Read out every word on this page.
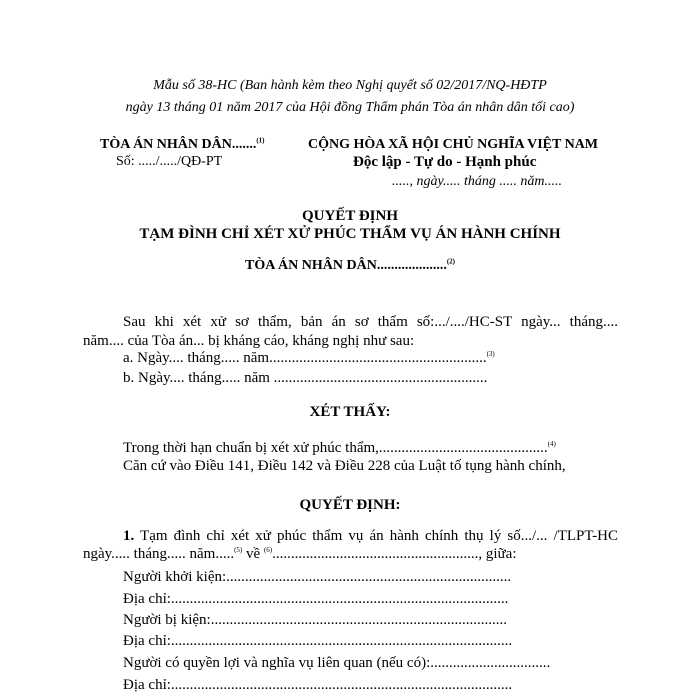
Mẫu số 38-HC (Ban hành kèm theo Nghị quyết số 02/2017/NQ-HĐTP
ngày 13 tháng 01 năm 2017 của Hội đồng Thẩm phán Tòa án nhân dân tối cao)
TÒA ÁN NHÂN DÂN.......$^{(1)}$
Số: ...../...../QĐ-PT
CỘNG HÒA XÃ HỘI CHỦ NGHĨA VIỆT NAM
Độc lập - Tự do - Hạnh phúc
....., ngày..... tháng ..... năm.....
QUYẾT ĐỊNH
TẠM ĐÌNH CHỈ XÉT XỬ PHÚC THẨM VỤ ÁN HÀNH CHÍNH
TÒA ÁN NHÂN DÂN....................$^{(2)}$
Sau khi xét xử sơ thẩm, bản án sơ thẩm số:.../..../HC-ST ngày... tháng....
năm.... của Tòa án... bị kháng cáo, kháng nghị như sau:
a. Ngày.... tháng..... năm..........................................................$^{(3)}$
b. Ngày.... tháng..... năm .........................................................
XÉT THẤY:
Trong thời hạn chuẩn bị xét xử phúc thẩm,.............................................$^{(4)}$
Căn cứ vào Điều 141, Điều 142 và Điều 228 của Luật tố tụng hành chính,
QUYẾT ĐỊNH:
1. Tạm đình chỉ xét xử phúc thẩm vụ án hành chính thụ lý số.../... /TLPT-HC
ngày..... tháng..... năm.....$^{(5)}$ về $^{(6)}$......................................................., giữa:
Người khởi kiện:............................................................................
Địa chỉ:..........................................................................................
Người bị kiện:...............................................................................
Địa chỉ:...........................................................................................
Người có quyền lợi và nghĩa vụ liên quan (nếu có):................................
Địa chỉ:...........................................................................................
